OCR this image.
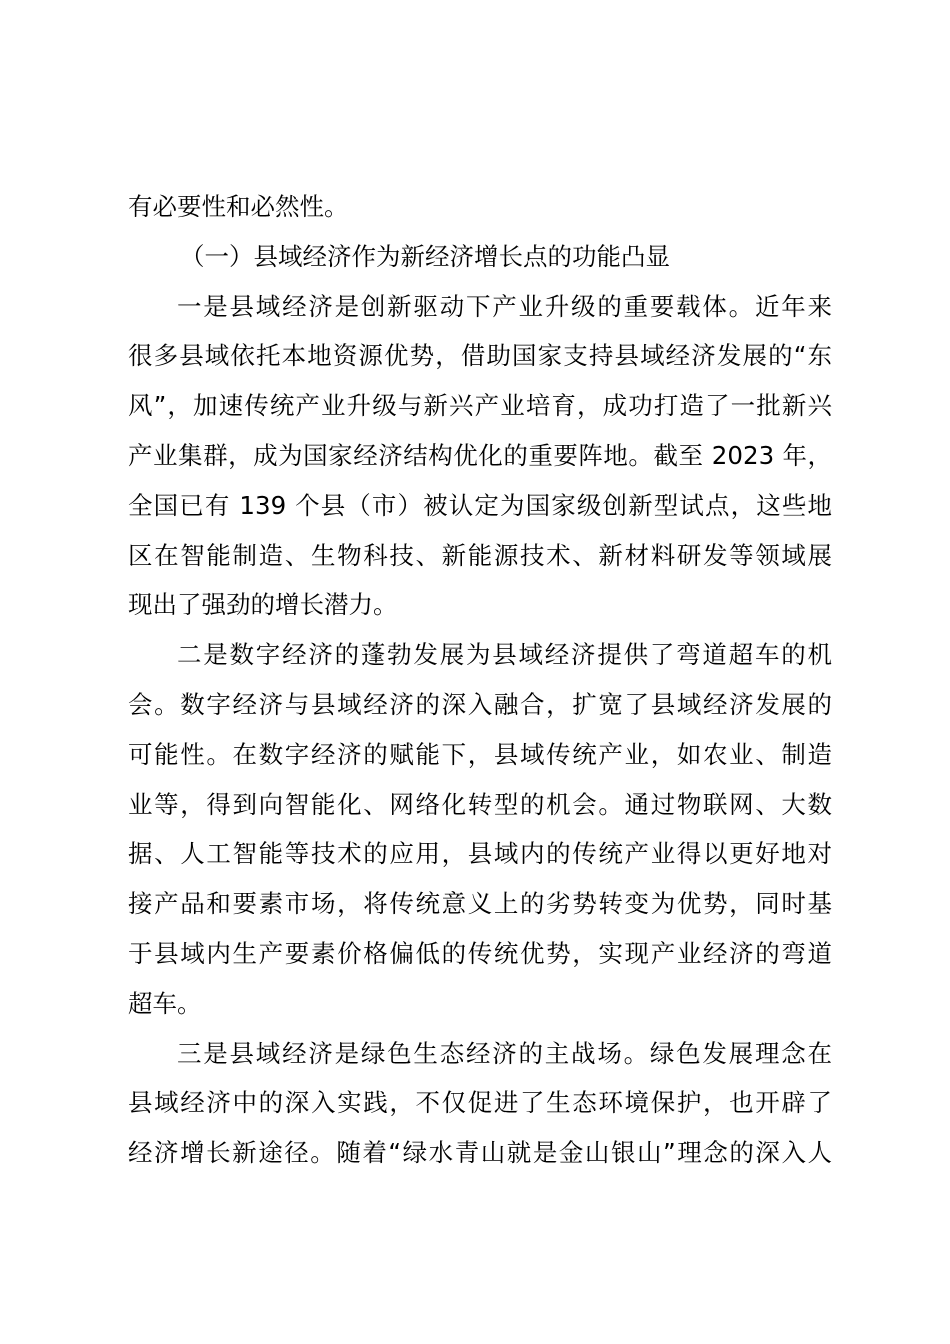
有必要性和必然性。
（一）县域经济作为新经济增长点的功能凸显
一是县域经济是创新驱动下产业升级的重要载体。近年来
很多县域依托本地资源优势，借助国家支持县域经济发展的“东
风”，加速传统产业升级与新兴产业培育，成功打造了一批新兴
产业集群，成为国家经济结构优化的重要阵地。截至 2023 年，
全国已有 139 个县（市）被认定为国家级创新型试点，这些地
区在智能制造、生物科技、新能源技术、新材料研发等领域展
现出了强劲的增长潜力。
二是数字经济的蓬勃发展为县域经济提供了弯道超车的机
会。数字经济与县域经济的深入融合，扩宽了县域经济发展的
可能性。在数字经济的赋能下，县域传统产业，如农业、制造
业等，得到向智能化、网络化转型的机会。通过物联网、大数
据、人工智能等技术的应用，县域内的传统产业得以更好地对
接产品和要素市场，将传统意义上的劣势转变为优势，同时基
于县域内生产要素价格偏低的传统优势，实现产业经济的弯道
超车。
三是县域经济是绿色生态经济的主战场。绿色发展理念在
县域经济中的深入实践，不仅促进了生态环境保护，也开辟了
经济增长新途径。随着“绿水青山就是金山银山”理念的深入人
